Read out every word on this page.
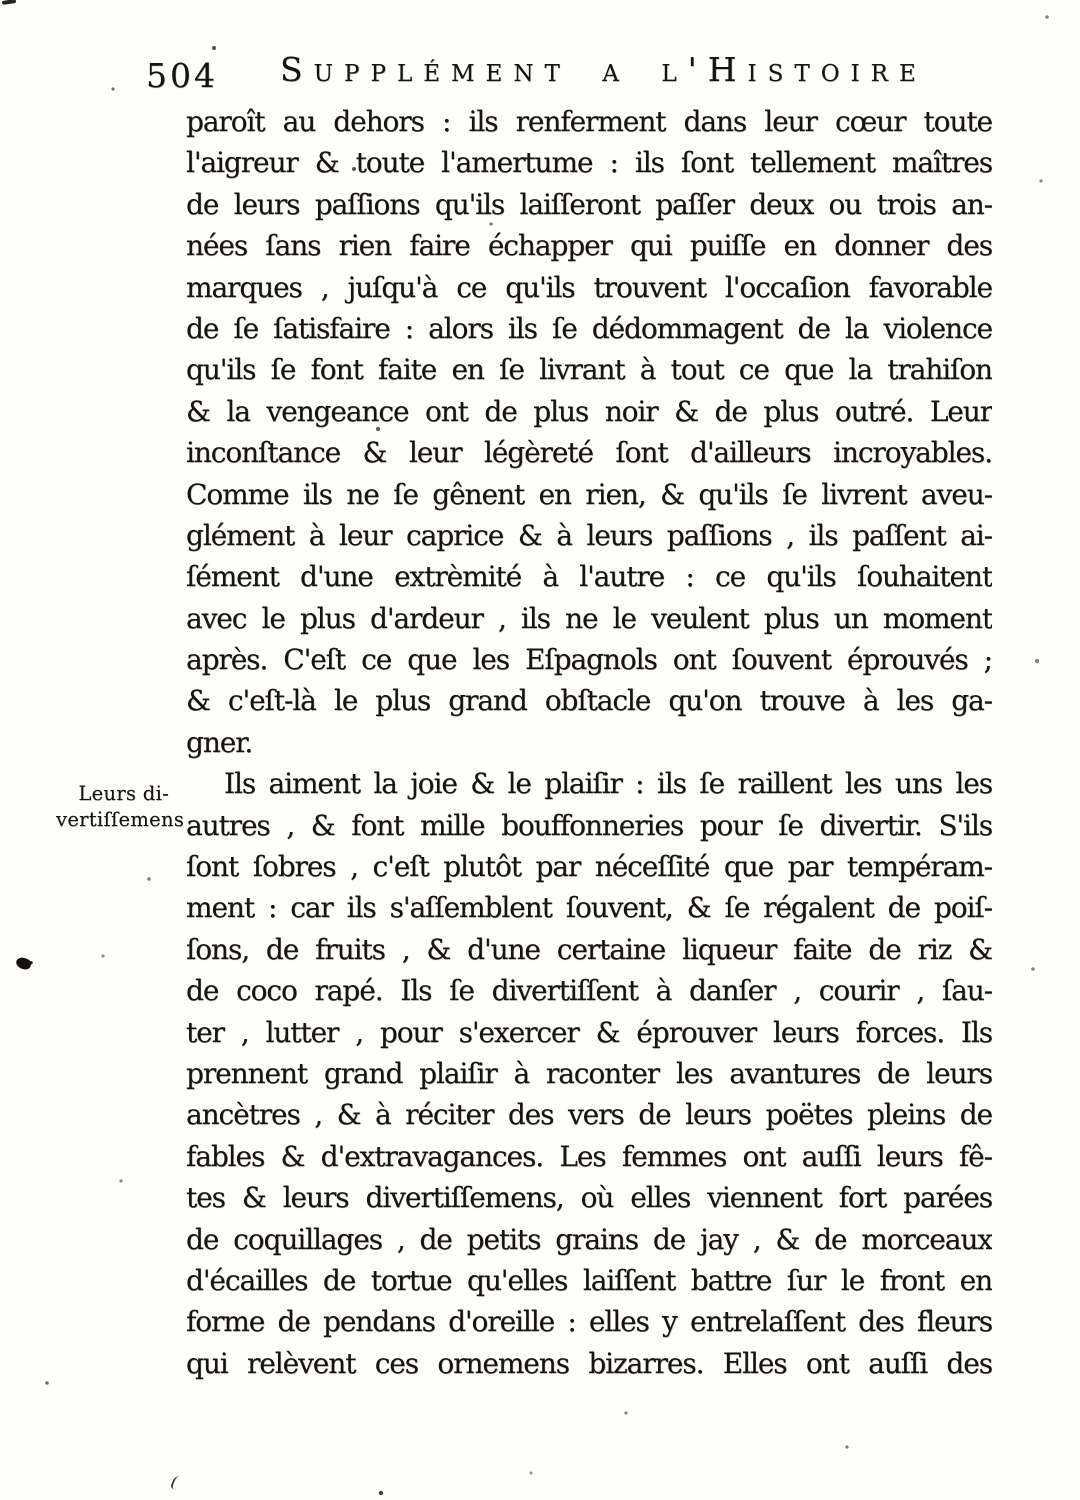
504 Supplément a l'Histoire
Leurs di-
vertiſſemens
paroît au dehors : ils renferment dans leur cœur toute
l'aigreur & toute l'amertume : ils ſont tellement maîtres
de leurs paſſions qu'ils laiſſeront paſſer deux ou trois an-
nées ſans rien faire échapper qui puiſſe en donner des
marques , juſqu'à ce qu'ils trouvent l'occaſion favorable
de ſe ſatisfaire : alors ils ſe dédommagent de la violence
qu'ils ſe font faite en ſe livrant à tout ce que la trahiſon
& la vengeance ont de plus noir & de plus outré. Leur
inconſtance & leur légèreté ſont d'ailleurs incroyables.
Comme ils ne ſe gênent en rien, & qu'ils ſe livrent aveu-
glément à leur caprice & à leurs paſſions , ils paſſent ai-
ſément d'une extrèmité à l'autre : ce qu'ils ſouhaitent
avec le plus d'ardeur , ils ne le veulent plus un moment
après. C'eſt ce que les Eſpagnols ont ſouvent éprouvés ;
& c'eſt-là le plus grand obſtacle qu'on trouve à les ga-
gner.
Ils aiment la joie & le plaiſir : ils ſe raillent les uns les
autres , & font mille bouffonneries pour ſe divertir. S'ils
ſont ſobres , c'eſt plutôt par néceſſité que par tempéram-
ment : car ils s'aſſemblent ſouvent, & ſe régalent de poiſ-
ſons, de fruits , & d'une certaine liqueur faite de riz &
de coco rapé. Ils ſe divertiſſent à danſer , courir , ſau-
ter , lutter , pour s'exercer & éprouver leurs forces. Ils
prennent grand plaiſir à raconter les avantures de leurs
ancètres , & à réciter des vers de leurs poëtes pleins de
fables & d'extravagances. Les femmes ont auſſi leurs fê-
tes & leurs divertiſſemens, où elles viennent fort parées
de coquillages , de petits grains de jay , & de morceaux
d'écailles de tortue qu'elles laiſſent battre ſur le front en
forme de pendans d'oreille : elles y entrelaſſent des fleurs
qui relèvent ces ornemens bizarres. Elles ont auſſi des
